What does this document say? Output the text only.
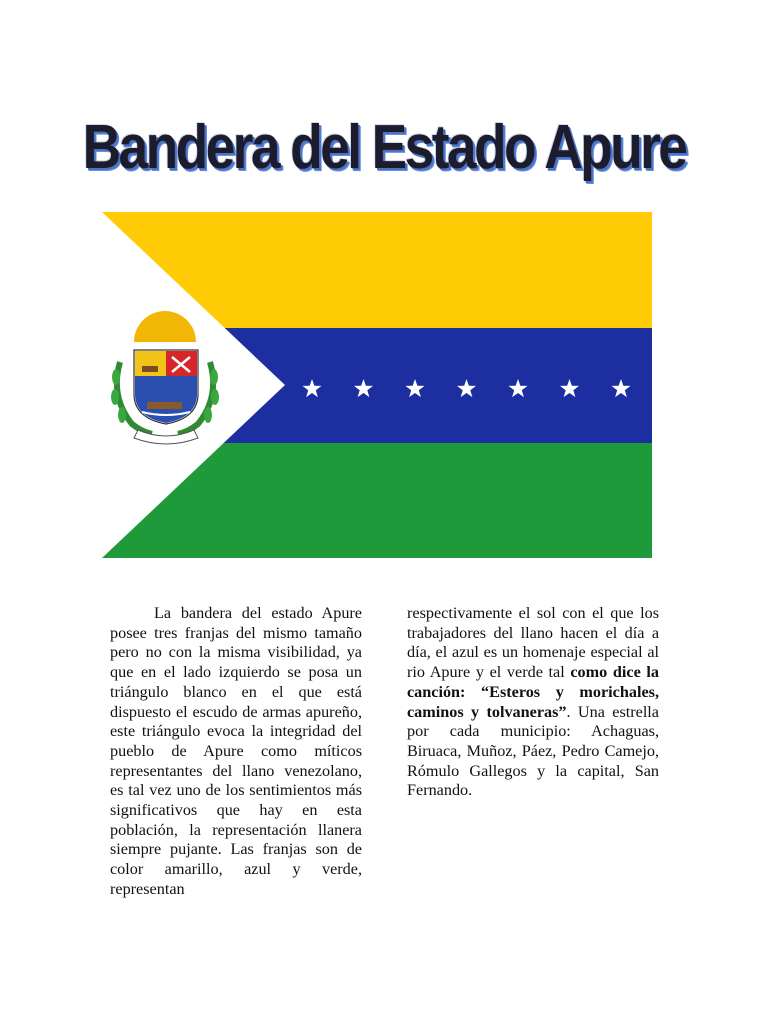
Bandera del Estado Apure

La bandera del estado Apure posee tres franjas del mismo tamaño pero no con la misma visibilidad, ya que en el lado izquierdo se posa un triángulo blanco en el que está dispuesto el escudo de armas apureño, este triángulo evoca la integridad del pueblo de Apure como míticos representantes del llano venezolano, es tal vez uno de los sentimientos más significativos que hay en esta población, la representación llanera siempre pujante. Las franjas son de color amarillo, azul y verde, representan

respectivamente el sol con el que los trabajadores del llano hacen el día a día, el azul es un homenaje especial al rio Apure y el verde tal como dice la canción: “Esteros y morichales, caminos y tolvaneras”. Una estrella por cada municipio: Achaguas, Biruaca, Muñoz, Páez, Pedro Camejo, Rómulo Gallegos y la capital, San Fernando.
